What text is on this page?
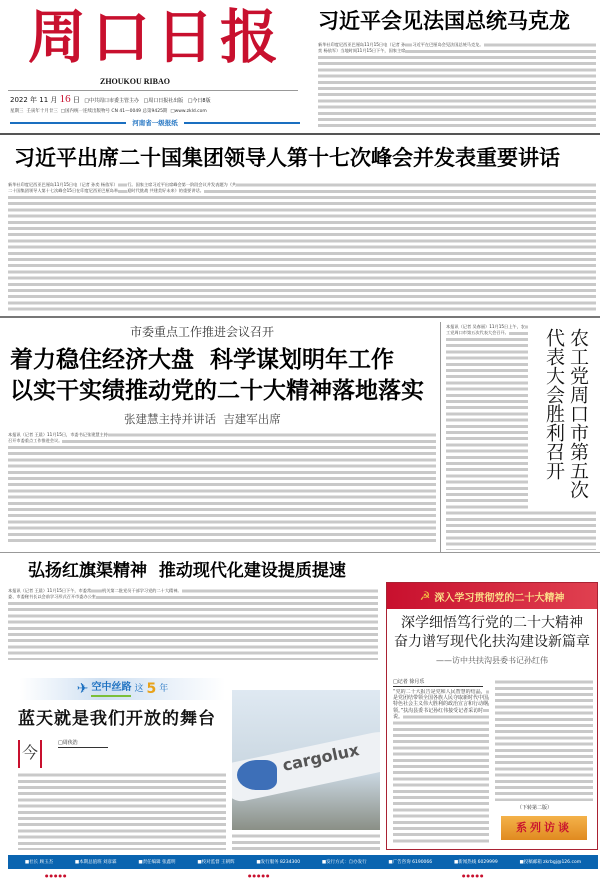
周口日报
ZHOUKOU RIBAO
2022 年 11 月 16 日 □中共周口市委主管主办 □周口日报社出版 □今日8版
星期三 壬寅年十月廿三 □国内统一连续出版物号 CN 41—0049 总第9425期 □www.zkld.com
河南省一级报纸
习近平会见法国总统马克龙
新华社印度尼西亚巴厘岛11月15日电（记者 孙奕 杨依军）当地时间11月15日下午，国家主席习近平在巴厘岛会见法国总统马克龙。
习近平出席二十国集团领导人第十七次峰会并发表重要讲话
新华社印度尼西亚巴厘岛11月15日电（记者 孙奕 杨依军）二十国集团领导人第十七次峰会15日在印度尼西亚巴厘岛举行。国家主席习近平出席峰会第一阶段会议并发表题为《共迎时代挑战 共建美好未来》的重要讲话。
市委重点工作推进会议召开
着力稳住经济大盘  科学谋划明年工作
以实干实绩推动党的二十大精神落地落实
张建慧主持并讲话  吉建军出席
本报讯（记者 王晨）11月15日，市委书记张建慧主持召开市委重点工作推进会议。
本报讯（记者 吴春丽）11月15日上午，农工党周口市第五次代表大会召开。	农工党周口市第五次代表大会胜利召开
弘扬红旗渠精神  推动现代化建设提质提速
本报讯（记者 王晨）11月15日下午，市委常委、市委秘书长以会前学习形式召开市委办公室机关第二批党员干部学习党的二十大精神。
✈ 空中丝路 这 5 年
蓝天就是我们开放的舞台
今	□周侠浩	cargolux
☭ 深入学习贯彻党的二十大精神
深学细悟笃行党的二十大精神
奋力谱写现代化扶沟建设新篇章
——访中共扶沟县委书记孙红伟
□记者 徐月乐
“党的二十大报告是党和人民智慧的结晶，是党团结带领全国各族人民夺取新时代中国特色社会主义伟大胜利的政治宣言和行动纲领。”扶沟县委书记孙红伟接受记者采访时说。
（下转第二版）
系列访谈
■社长 顾玉杰	■本期总值班 刘彦霖	■责任编辑 张鑫明	■校对监督 王朝辉	■发行服务 8234300	■发行方式：自办发行	■广告咨询 6190066	■新闻热线 6029999	■投稿邮箱 zkrbgj@126.com
●●●●●	●●●●●	●●●●●
